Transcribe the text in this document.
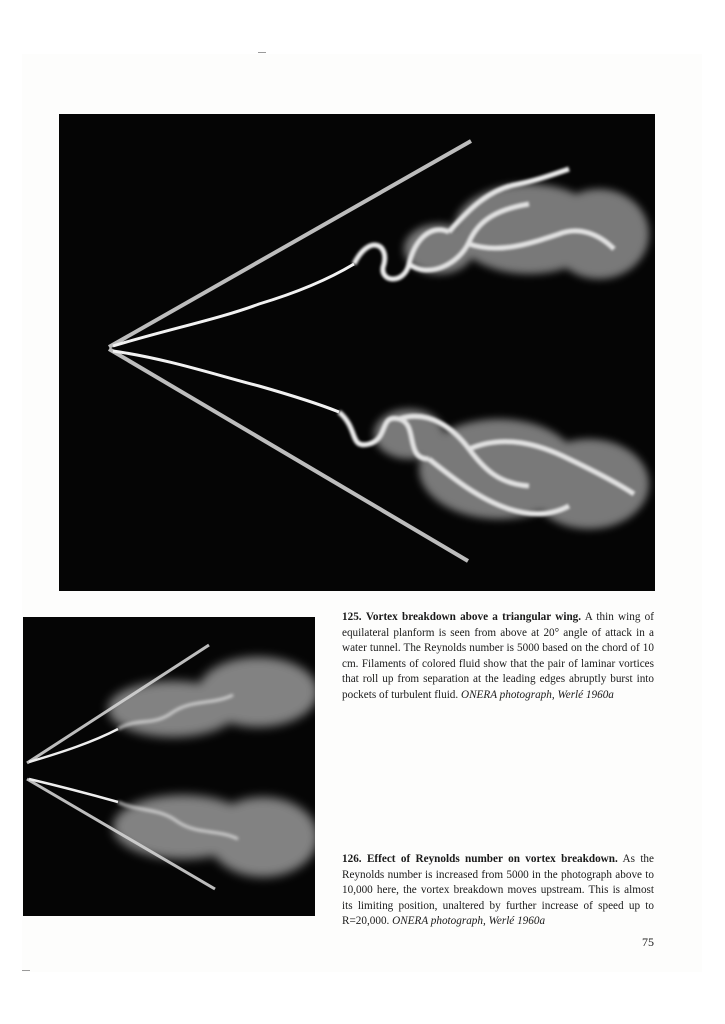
125. Vortex breakdown above a triangular wing. A thin wing of equilateral planform is seen from above at 20° angle of attack in a water tunnel. The Reynolds number is 5000 based on the chord of 10 cm. Filaments of colored fluid show that the pair of laminar vortices that roll up from separation at the leading edges abruptly burst into pockets of turbulent fluid. ONERA photograph, Werlé 1960a
126. Effect of Reynolds number on vortex breakdown. As the Reynolds number is increased from 5000 in the photograph above to 10,000 here, the vortex breakdown moves upstream. This is almost its limiting position, unaltered by further increase of speed up to R=20,000. ONERA photograph, Werlé 1960a
75
